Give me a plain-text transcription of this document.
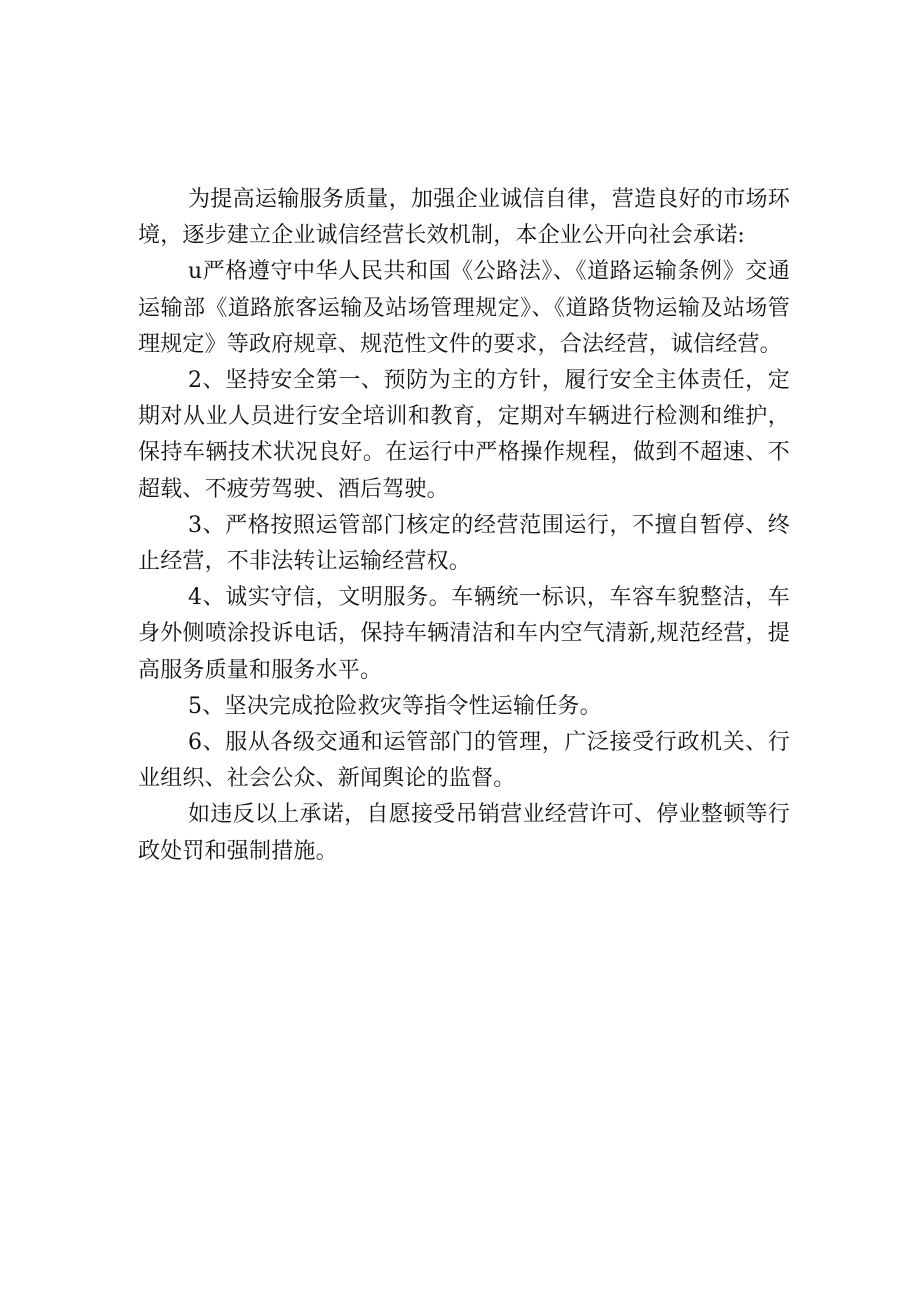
为提高运输服务质量，加强企业诚信自律，营造良好的市场环境，逐步建立企业诚信经营长效机制，本企业公开向社会承诺:

u严格遵守中华人民共和国《公路法》、《道路运输条例》交通运输部《道路旅客运输及站场管理规定》、《道路货物运输及站场管理规定》等政府规章、规范性文件的要求，合法经营，诚信经营。

2、坚持安全第一、预防为主的方针，履行安全主体责任，定期对从业人员进行安全培训和教育，定期对车辆进行检测和维护，保持车辆技术状况良好。在运行中严格操作规程，做到不超速、不超载、不疲劳驾驶、酒后驾驶。

3、严格按照运管部门核定的经营范围运行，不擅自暂停、终止经营，不非法转让运输经营权。

4、诚实守信，文明服务。车辆统一标识，车容车貌整洁，车身外侧喷涂投诉电话，保持车辆清洁和车内空气清新,规范经营，提高服务质量和服务水平。

5、坚决完成抢险救灾等指令性运输任务。

6、服从各级交通和运管部门的管理，广泛接受行政机关、行业组织、社会公众、新闻舆论的监督。

如违反以上承诺，自愿接受吊销营业经营许可、停业整顿等行政处罚和强制措施。
